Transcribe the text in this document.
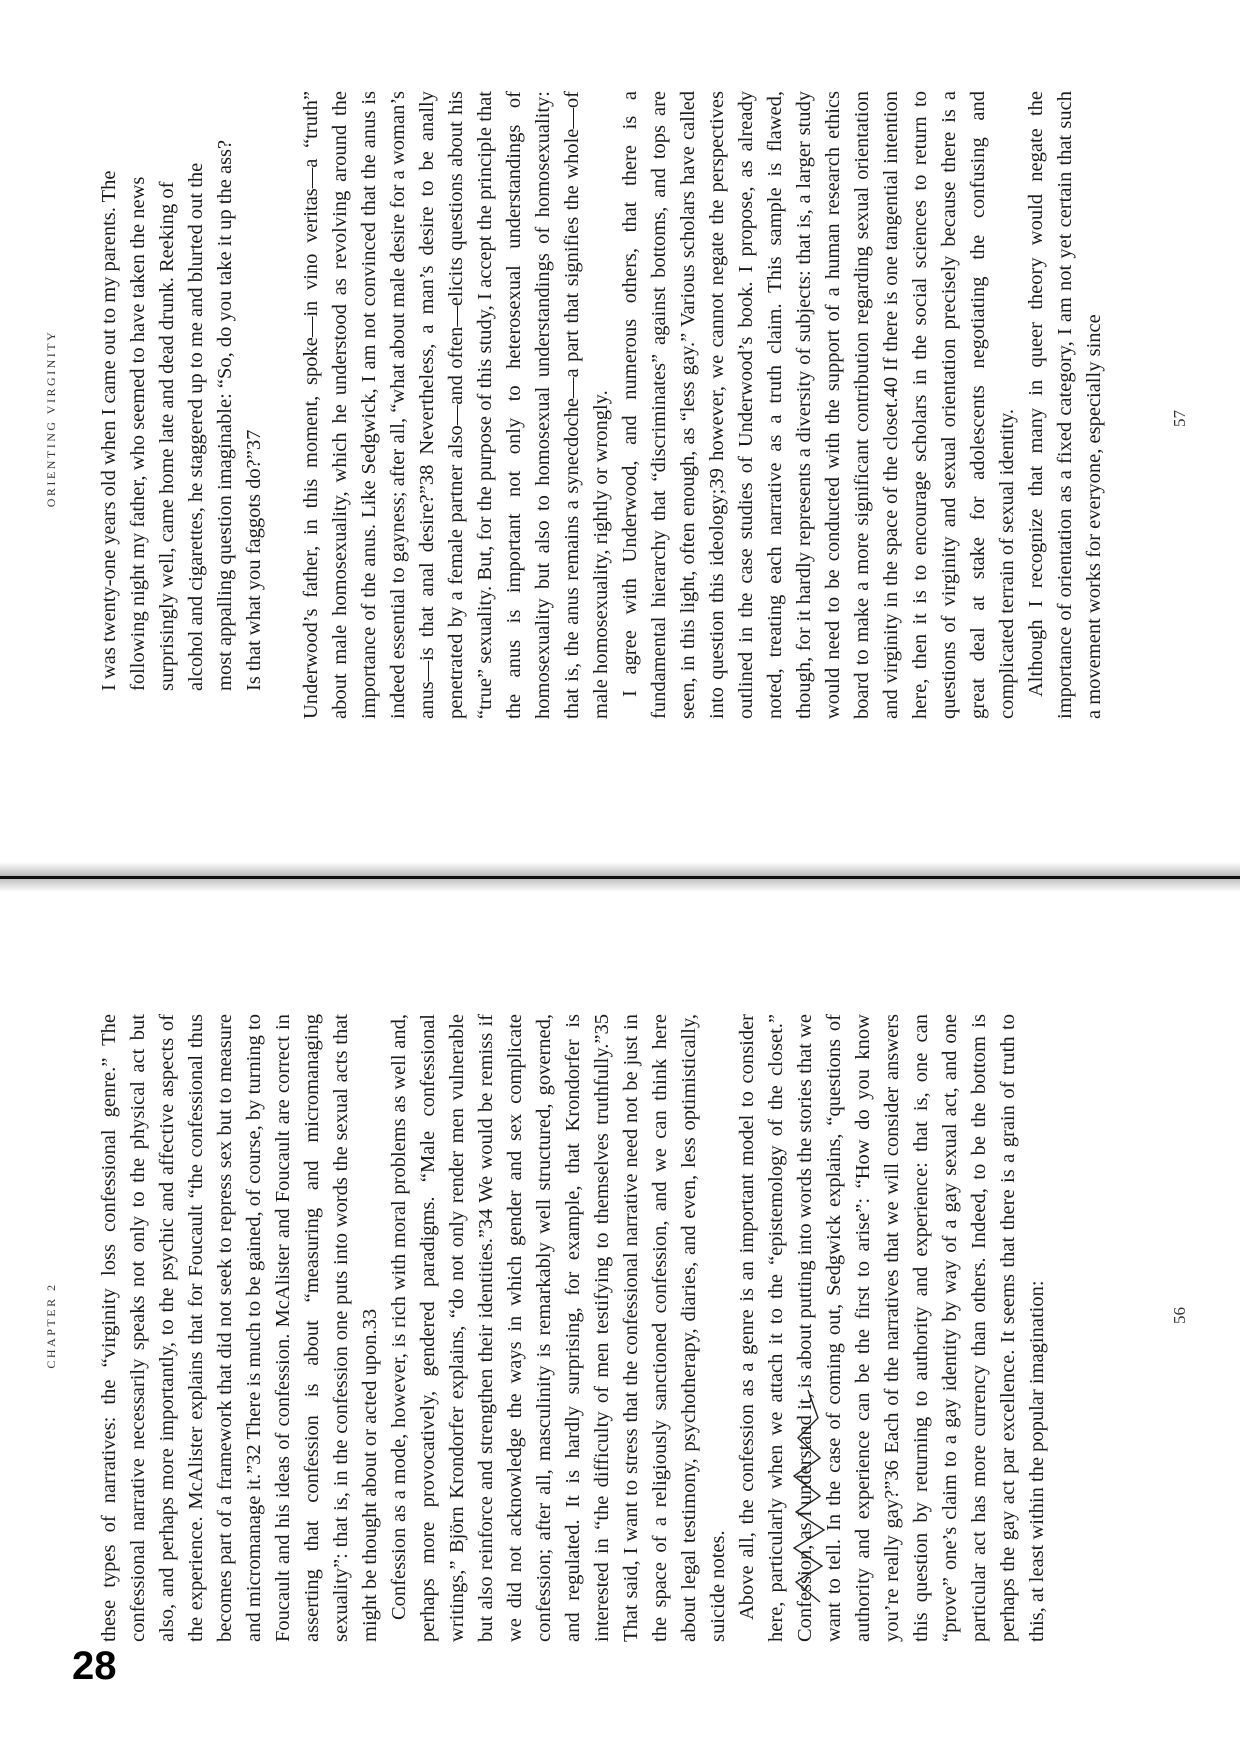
28
CHAPTER 2 these types of narratives: the “virginity loss confessional genre.” The confessional narrative necessarily speaks not only to the physical act but also, and perhaps more importantly, to the psychic and affective aspects of the experience. McAlister explains that for Foucault “the confessional thus becomes part of a framework that did not seek to repress sex but to measure and micromanage it.”32 There is much to be gained, of course, by turning to Foucault and his ideas of confession. McAlister and Foucault are correct in asserting that confession is about “measuring and micromanaging sexuality”: that is, in the confession one puts into words the sexual acts that might be thought about or acted upon.33 Confession as a mode, however, is rich with moral problems as well and, perhaps more provocatively, gendered paradigms. “Male confessional writings,” Björn Krondorfer explains, “do not only render men vulnerable but also reinforce and strengthen their identities.”34 We would be remiss if we did not acknowledge the ways in which gender and sex complicate confession; after all, masculinity is remarkably well structured, governed, and regulated. It is hardly surprising, for example, that Krondorfer is interested in “the difficulty of men testifying to themselves truthfully.”35 That said, I want to stress that the confessional narrative need not be just in the space of a religiously sanctioned confession, and we can think here about legal testimony, psychotherapy, diaries, and even, less optimistically, suicide notes. Above all, the confession as a genre is an important model to consider here, particularly when we attach it to the “epistemology of the closet.” Confession, as I understand it, is about putting into words the stories that we want to tell. In the case of coming out, Sedgwick explains, “questions of authority and experience can be the first to arise”: “How do you know you’re really gay?”36 Each of the narratives that we will consider answers this question by returning to authority and experience: that is, one can “prove” one’s claim to a gay identity by way of a gay sexual act, and one particular act has more currency than others. Indeed, to be the bottom is perhaps the gay act par excellence. It seems that there is a grain of truth to this, at least within the popular imagination:	56
ORIENTING VIRGINITY I was twenty-one years old when I came out to my parents. The following night my father, who seemed to have taken the news surprisingly well, came home late and dead drunk. Reeking of alcohol and cigarettes, he staggered up to me and blurted out the most appalling question imaginable: “So, do you take it up the ass? Is that what you faggots do?”37 Underwood’s father, in this moment, spoke—in vino veritas—a “truth” about male homosexuality, which he understood as revolving around the importance of the anus. Like Sedgwick, I am not convinced that the anus is indeed essential to gayness; after all, “what about male desire for a woman’s anus—is that anal desire?”38 Nevertheless, a man’s desire to be anally penetrated by a female partner also—and often—elicits questions about his “true” sexuality. But, for the purpose of this study, I accept the principle that the anus is important not only to heterosexual understandings of homosexuality but also to homosexual understandings of homosexuality: that is, the anus remains a synecdoche—a part that signifies the whole—of male homosexuality, rightly or wrongly. I agree with Underwood, and numerous others, that there is a fundamental hierarchy that “discriminates” against bottoms, and tops are seen, in this light, often enough, as “less gay.” Various scholars have called into question this ideology;39 however, we cannot negate the perspectives outlined in the case studies of Underwood’s book. I propose, as already noted, treating each narrative as a truth claim. This sample is flawed, though, for it hardly represents a diversity of subjects: that is, a larger study would need to be conducted with the support of a human research ethics board to make a more significant contribution regarding sexual orientation and virginity in the space of the closet.40 If there is one tangential intention here, then it is to encourage scholars in the social sciences to return to questions of virginity and sexual orientation precisely because there is a great deal at stake for adolescents negotiating the confusing and complicated terrain of sexual identity. Although I recognize that many in queer theory would negate the importance of orientation as a fixed category, I am not yet certain that such a movement works for everyone, especially since	57
